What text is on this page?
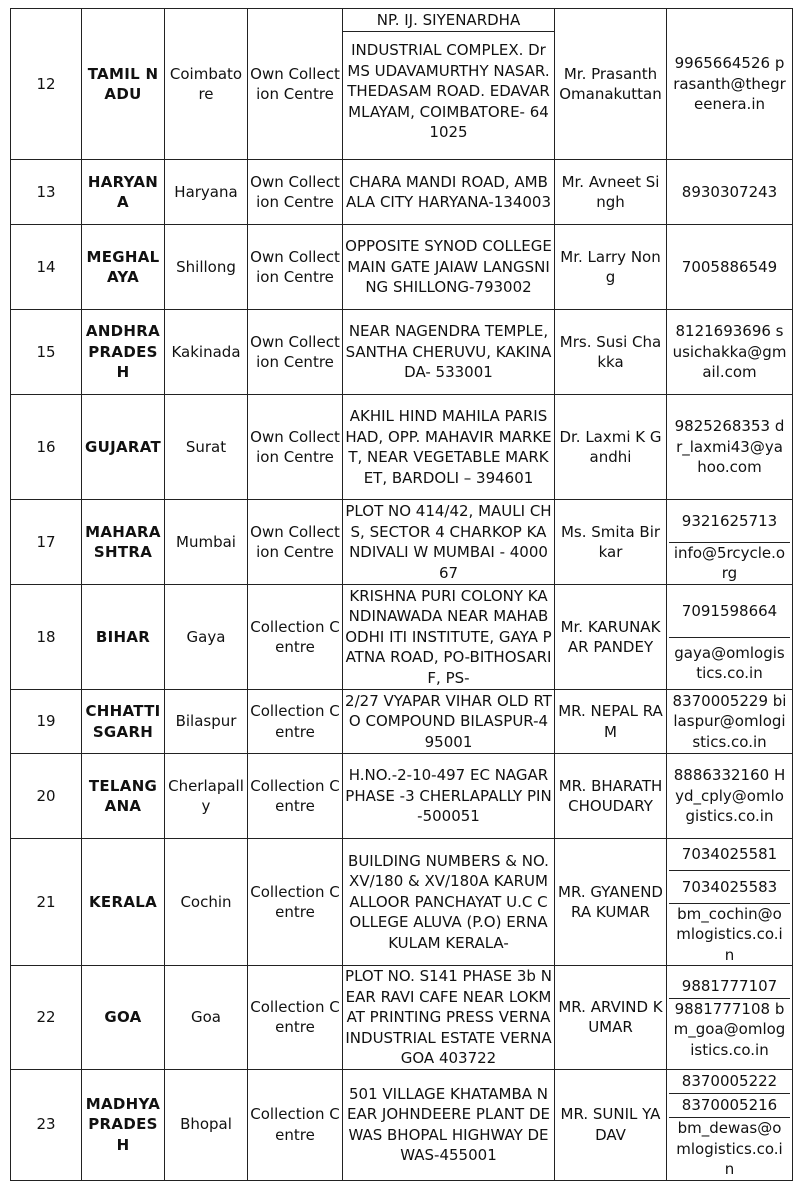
12	TAMIL NADU	Coimbatore	Own Collection Centre	NP. IJ. SIYENARDHA
INDUSTRIAL COMPLEX. Dr MS UDAVAMURTHY NASAR. THEDASAM ROAD. EDAVARMLAYAM, COIMBATORE- 641025	Mr. Prasanth Omanakuttan	9965664526 prasanth@thegreenera.in

13	HARYANA	Haryana	Own Collection Centre	CHARA MANDI ROAD, AMBALA CITY HARYANA-134003	Mr. Avneet Singh	8930307243

14	MEGHALAYA	Shillong	Own Collection Centre	OPPOSITE SYNOD COLLEGE MAIN GATE JAIAW LANGSNING SHILLONG-793002	Mr. Larry Nong	7005886549

15	ANDHRA PRADESH	Kakinada	Own Collection Centre	NEAR NAGENDRA TEMPLE, SANTHA CHERUVU, KAKINADA- 533001	Mrs. Susi Chakka	8121693696 susichakka@gmail.com

16	GUJARAT	Surat	Own Collection Centre	AKHIL HIND MAHILA PARISHAD, OPP. MAHAVIR MARKET, NEAR VEGETABLE MARKET, BARDOLI – 394601	Dr. Laxmi K Gandhi	9825268353 dr_laxmi43@yahoo.com

17	MAHARASHTRA	Mumbai	Own Collection Centre	PLOT NO 414/42, MAULI CHS, SECTOR 4 CHARKOP KANDIVALI W MUMBAI - 400067	Ms. Smita Birkar	9321625713
info@5rcycle.org

18	BIHAR	Gaya	Collection Centre	KRISHNA PURI COLONY KANDINAWADA NEAR MAHABODHI ITI INSTITUTE, GAYA PATNA ROAD, PO-BITHOSARIF, PS-	Mr. KARUNAKAR PANDEY	7091598664
gaya@omlogistics.co.in

19	CHHATTISGARH	Bilaspur	Collection Centre	2/27 VYAPAR VIHAR OLD RTO COMPOUND BILASPUR-495001	MR. NEPAL RAM	8370005229 bilaspur@omlogistics.co.in

20	TELANGANA	Cherlapally	Collection Centre	H.NO.-2-10-497 EC NAGAR PHASE -3 CHERLAPALLY PIN-500051	MR. BHARATH CHOUDARY	8886332160 Hyd_cply@omlogistics.co.in

21	KERALA	Cochin	Collection Centre	BUILDING NUMBERS & NO.XV/180 & XV/180A KARUMALLOOR PANCHAYAT U.C COLLEGE ALUVA (P.O) ERNAKULAM KERALA-	MR. GYANENDRA KUMAR	7034025581
7034025583
bm_cochin@omlogistics.co.in

22	GOA	Goa	Collection Centre	PLOT NO. S141 PHASE 3b NEAR RAVI CAFE NEAR LOKMAT PRINTING PRESS VERNA INDUSTRIAL ESTATE VERNA GOA 403722	MR. ARVIND KUMAR	9881777107
9881777108 bm_goa@omlogistics.co.in

23	MADHYA PRADESH	Bhopal	Collection Centre	501 VILLAGE KHATAMBA NEAR JOHNDEERE PLANT DEWAS BHOPAL HIGHWAY DEWAS-455001	MR. SUNIL YADAV	8370005222
8370005216
bm_dewas@omlogistics.co.in
